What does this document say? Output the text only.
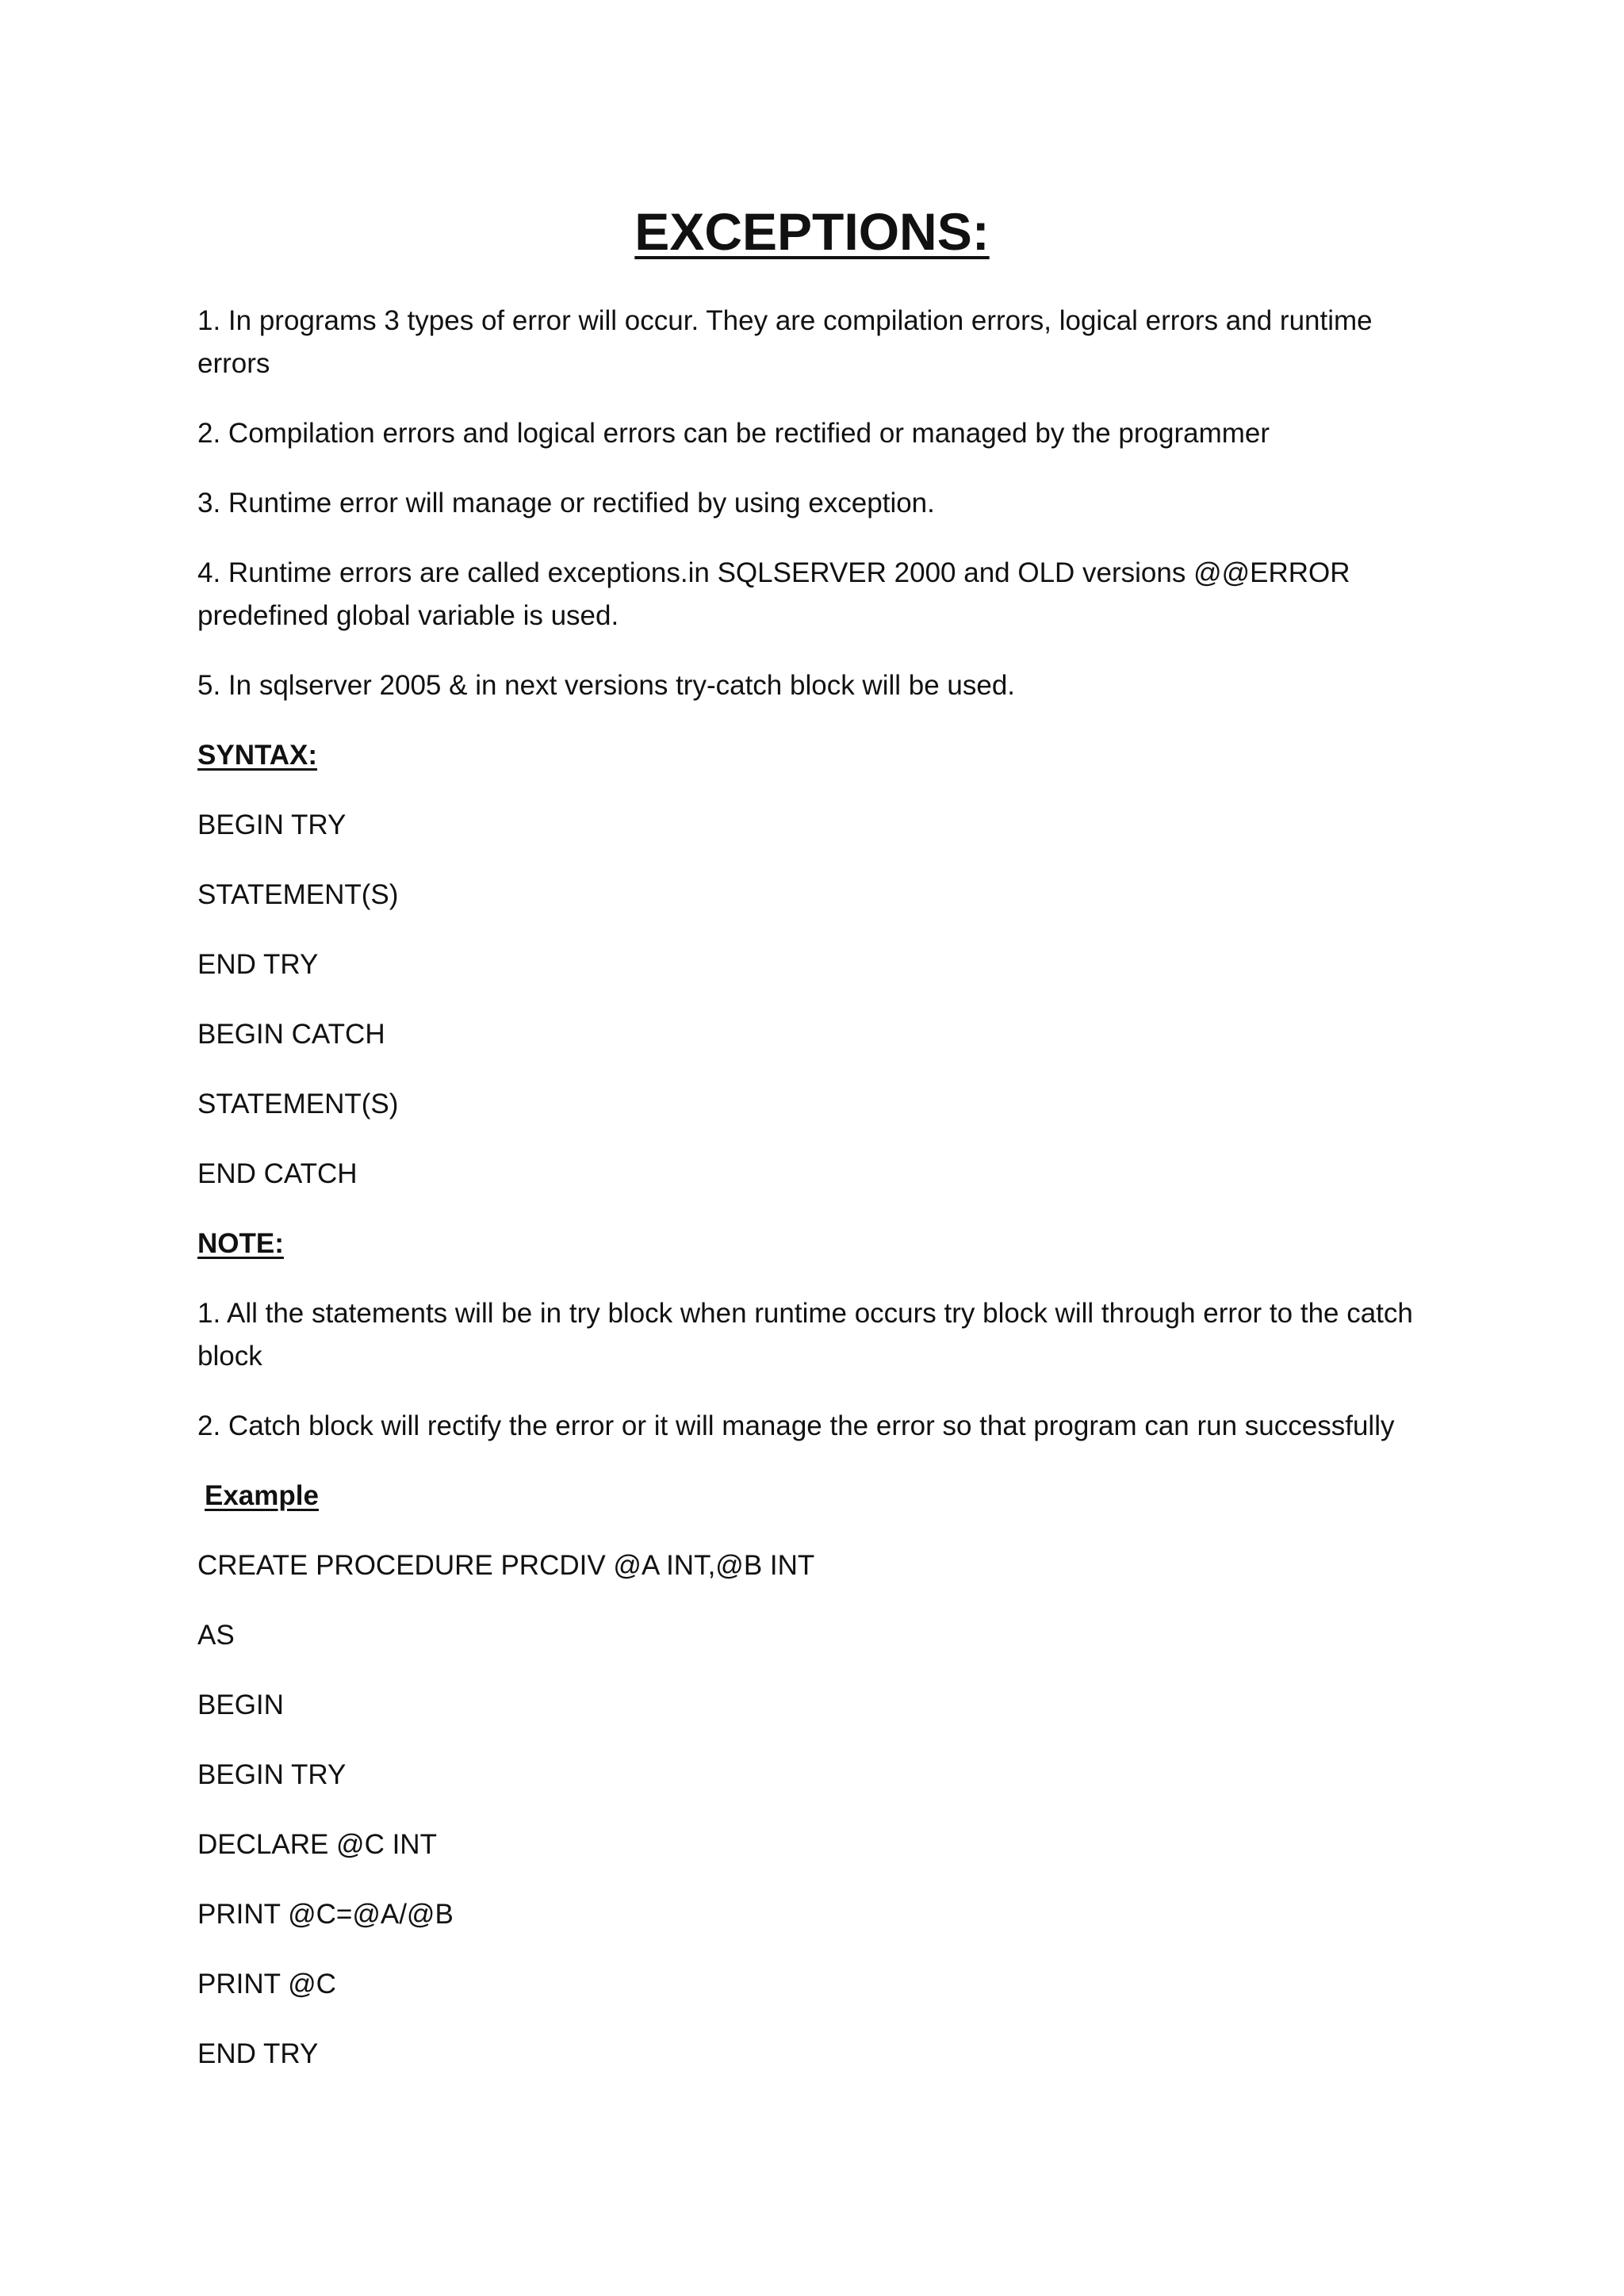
EXCEPTIONS:

1. In programs 3 types of error will occur. They are compilation errors, logical errors and runtime errors

2. Compilation errors and logical errors can be rectified or managed by the programmer

3. Runtime error will manage or rectified by using exception.

4. Runtime errors are called exceptions.in SQLSERVER 2000 and OLD versions @@ERROR predefined global variable is used.

5. In sqlserver 2005 & in next versions try-catch block will be used.

SYNTAX:

BEGIN TRY

STATEMENT(S)

END TRY

BEGIN CATCH

STATEMENT(S)

END CATCH

NOTE:

1. All the statements will be in try block when runtime occurs try block will through error to the catch block

2. Catch block will rectify the error or it will manage the error so that program can run successfully

Example

CREATE PROCEDURE PRCDIV @A INT,@B INT

AS

BEGIN

BEGIN TRY

DECLARE @C INT

PRINT @C=@A/@B

PRINT @C

END TRY
